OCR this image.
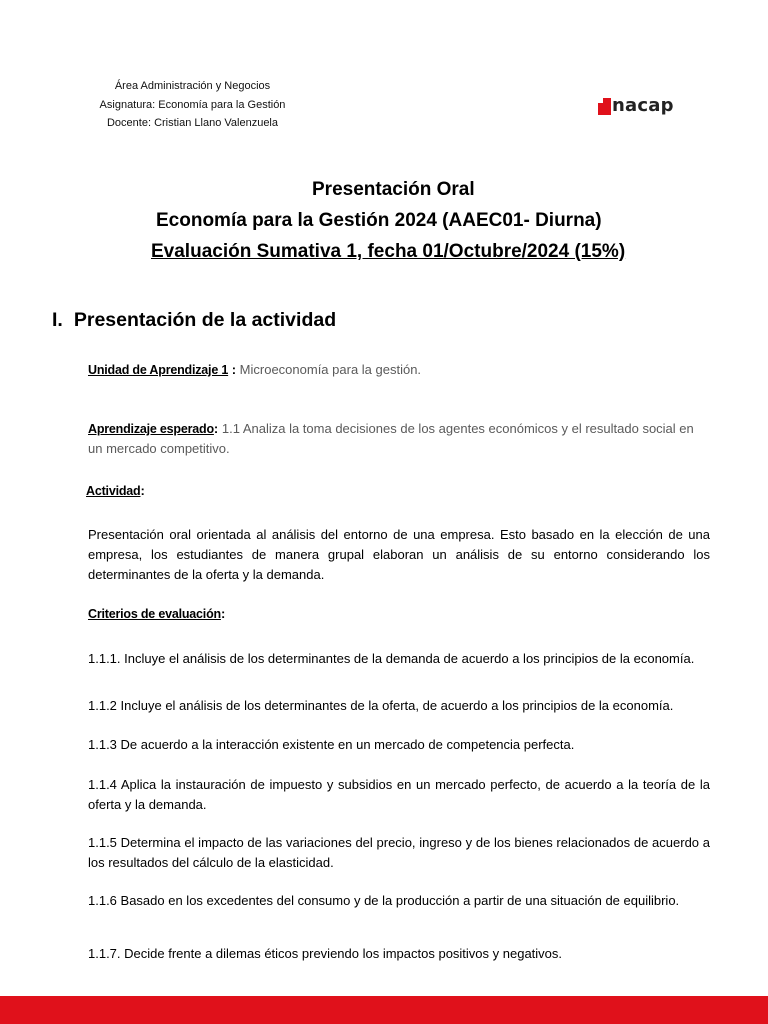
Área Administración y Negocios
Asignatura: Economía para la Gestión
Docente: Cristian Llano Valenzuela
nacap
Presentación Oral
Economía para la Gestión 2024 (AAEC01- Diurna)
Evaluación Sumativa 1, fecha 01/Octubre/2024 (15%)
I. Presentación de la actividad
Unidad de Aprendizaje 1 : Microeconomía para la gestión.
Aprendizaje esperado: 1.1 Analiza la toma decisiones de los agentes económicos y el resultado social en un mercado competitivo.
Actividad:
Presentación oral orientada al análisis del entorno de una empresa. Esto basado en la elección de una empresa, los estudiantes de manera grupal elaboran un análisis de su entorno considerando los determinantes de la oferta y la demanda.
Criterios de evaluación:
1.1.1. Incluye el análisis de los determinantes de la demanda de acuerdo a los principios de la economía.
1.1.2 Incluye el análisis de los determinantes de la oferta, de acuerdo a los principios de la economía.
1.1.3 De acuerdo a la interacción existente en un mercado de competencia perfecta.
1.1.4 Aplica la instauración de impuesto y subsidios en un mercado perfecto, de acuerdo a la teoría de la oferta y la demanda.
1.1.5 Determina el impacto de las variaciones del precio, ingreso y de los bienes relacionados de acuerdo a los resultados del cálculo de la elasticidad.
1.1.6 Basado en los excedentes del consumo y de la producción a partir de una situación de equilibrio.
1.1.7. Decide frente a dilemas éticos previendo los impactos positivos y negativos.
